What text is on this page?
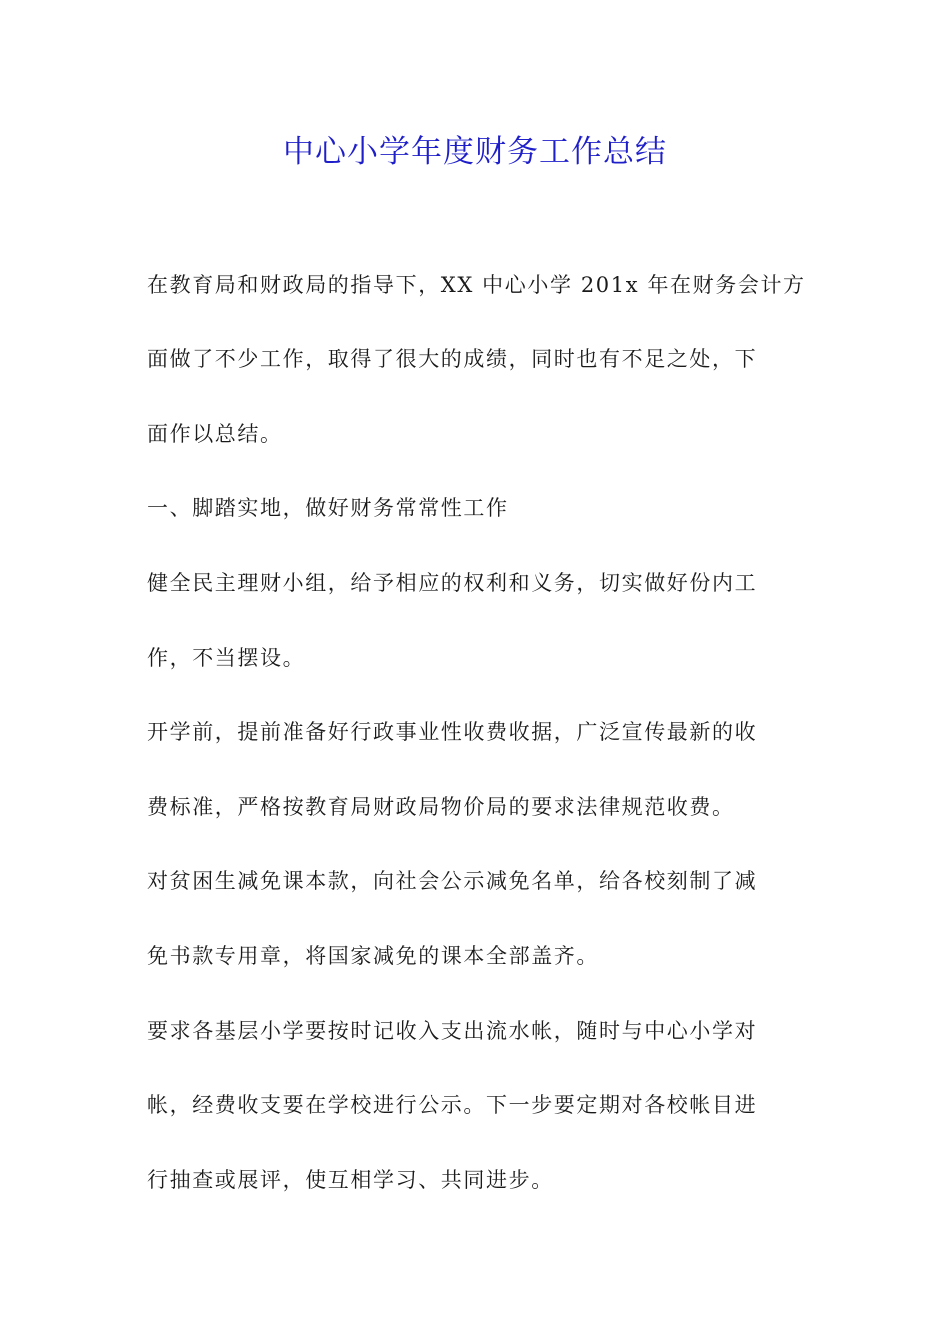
中心小学年度财务工作总结

在教育局和财政局的指导下，XX 中心小学 201x 年在财务会计方

面做了不少工作，取得了很大的成绩，同时也有不足之处，下

面作以总结。

一、脚踏实地，做好财务常常性工作

健全民主理财小组，给予相应的权利和义务，切实做好份内工

作，不当摆设。

开学前，提前准备好行政事业性收费收据，广泛宣传最新的收

费标准，严格按教育局财政局物价局的要求法律规范收费。

对贫困生减免课本款，向社会公示减免名单，给各校刻制了减

免书款专用章，将国家减免的课本全部盖齐。

要求各基层小学要按时记收入支出流水帐，随时与中心小学对

帐，经费收支要在学校进行公示。下一步要定期对各校帐目进

行抽查或展评，使互相学习、共同进步。
